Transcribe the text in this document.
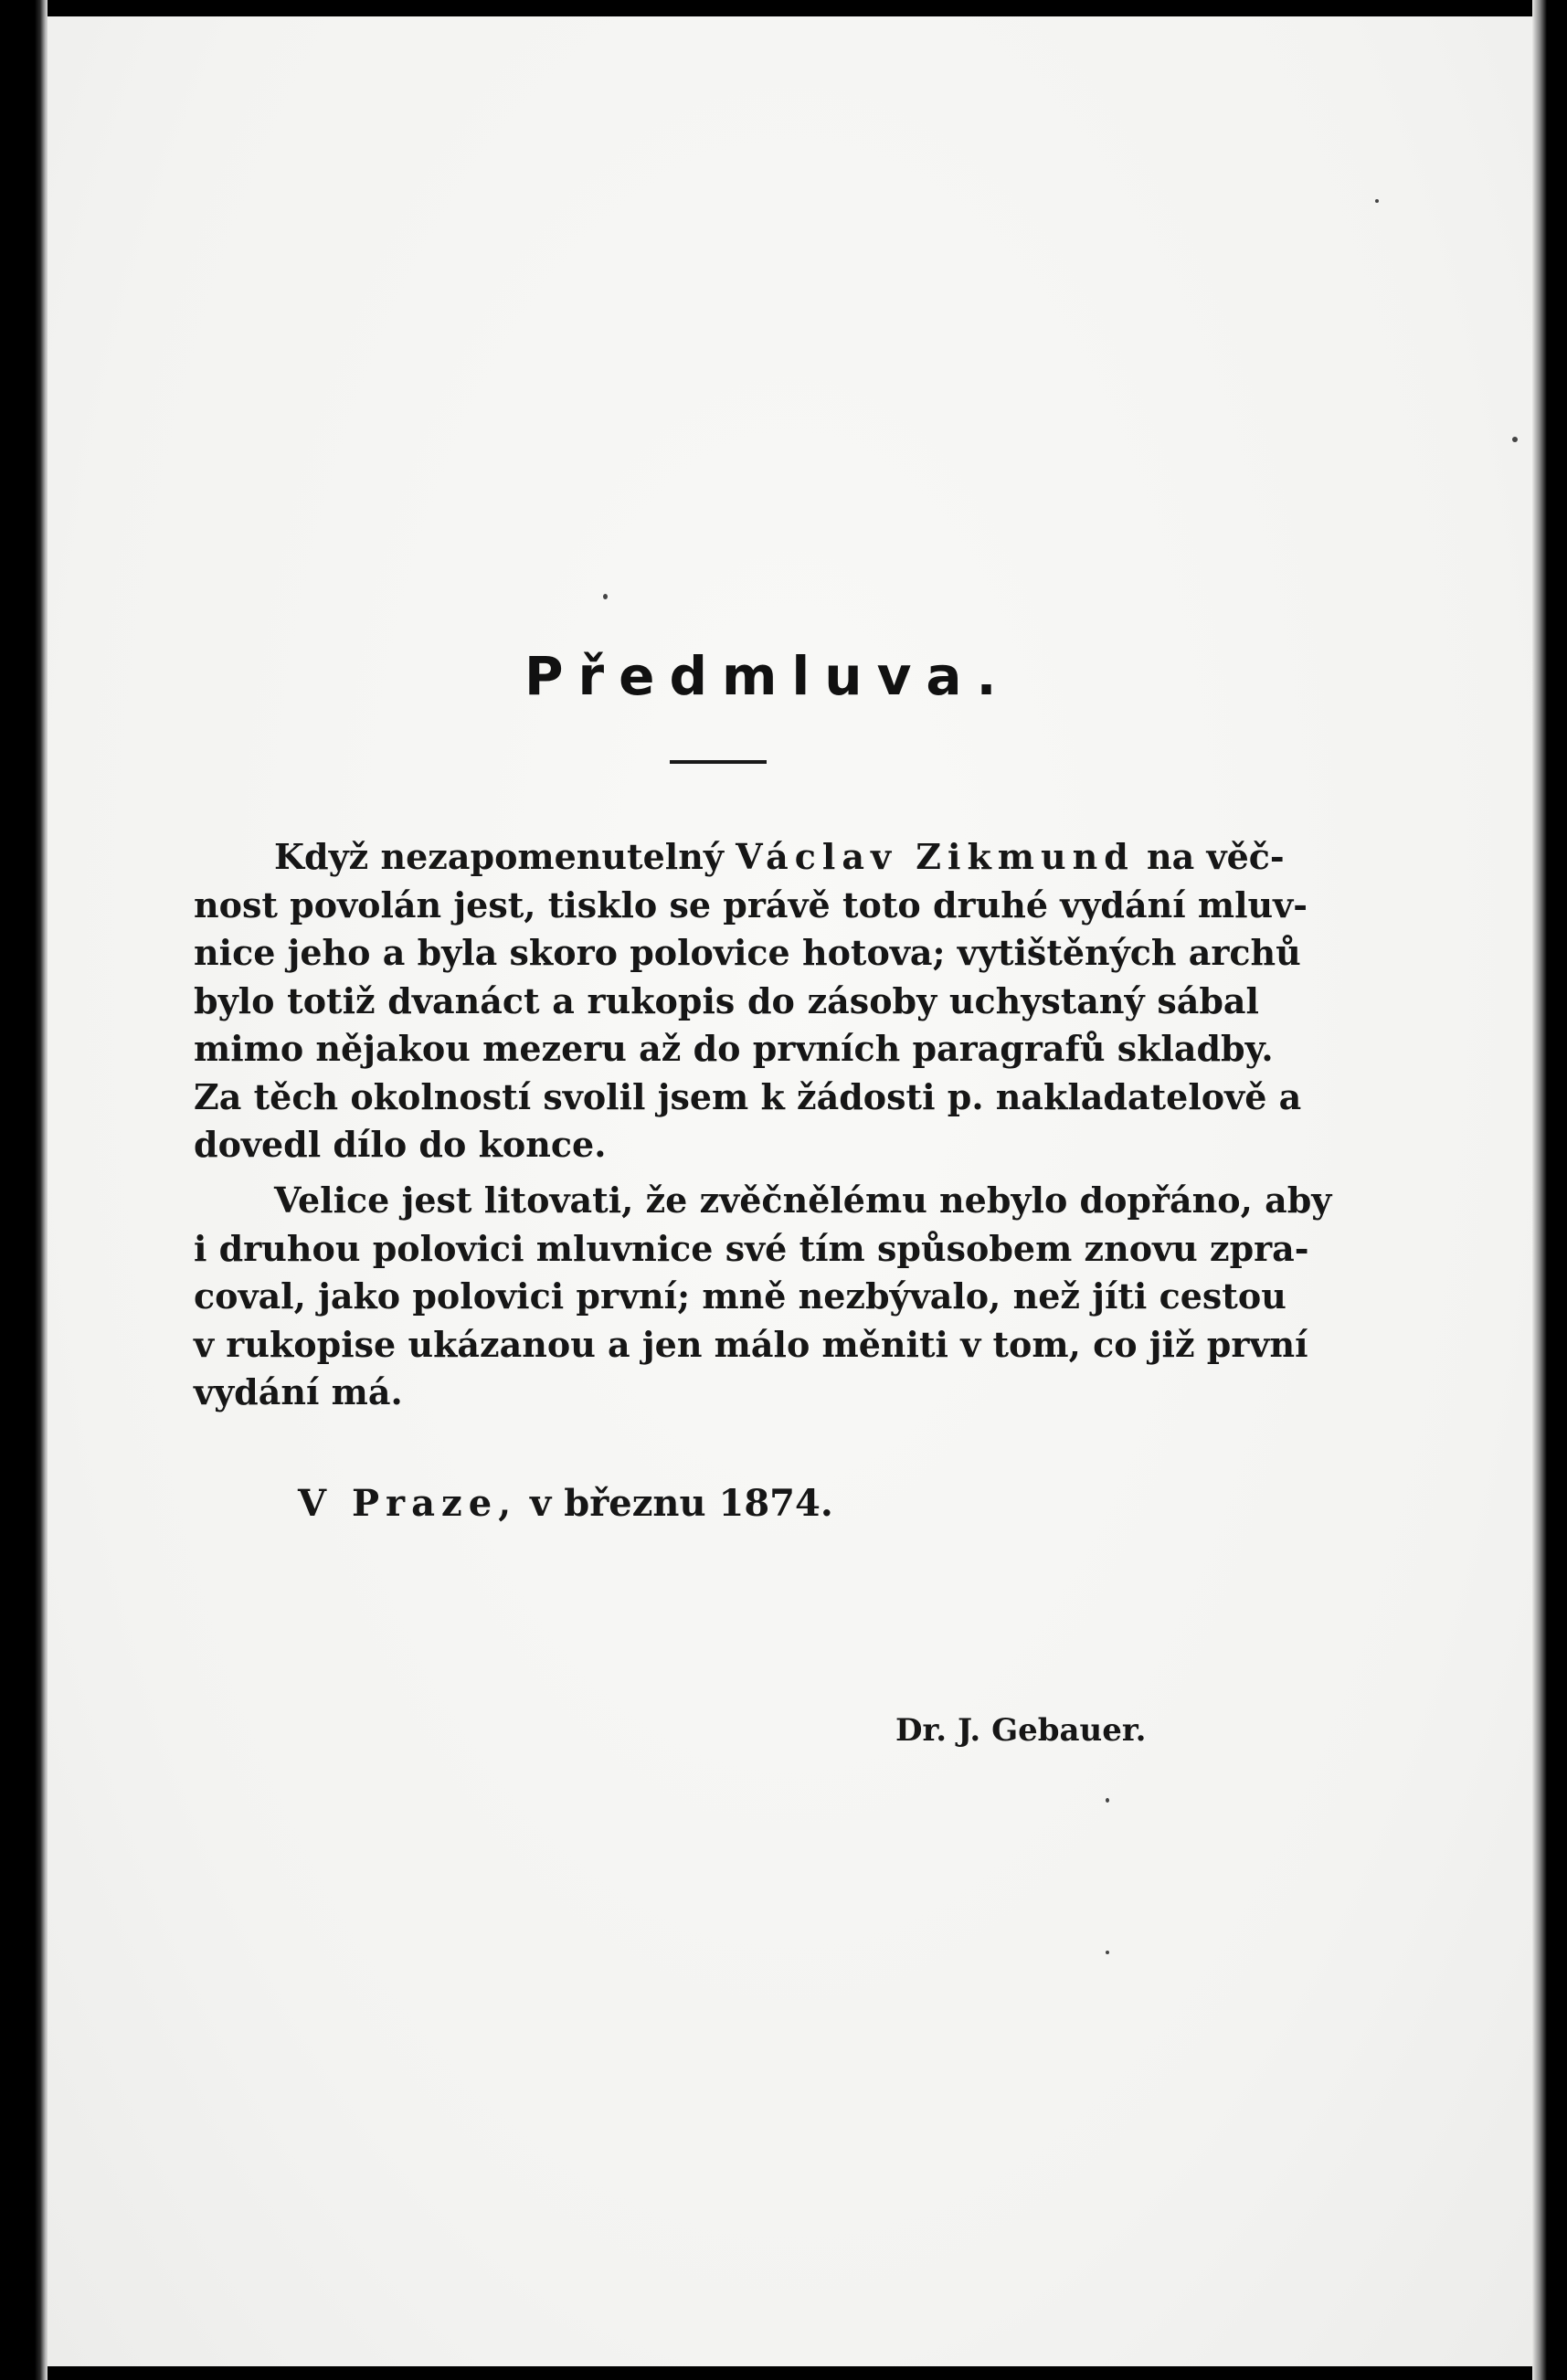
Předmluva.
Když nezapomenutelný Václav Zikmund na věč-
nost povolán jest, tisklo se právě toto druhé vydání mluv-
nice jeho a byla skoro polovice hotova; vytištěných archů
bylo totiž dvanáct a rukopis do zásoby uchystaný sábal
mimo nějakou mezeru až do prvních paragrafů skladby.
Za těch okolností svolil jsem k žádosti p. nakladatelově a
dovedl dílo do konce.
Velice jest litovati, že zvěčnělému nebylo dopřáno, aby
i druhou polovici mluvnice své tím spůsobem znovu zpra-
coval, jako polovici první; mně nezbývalo, než jíti cestou
v rukopise ukázanou a jen málo měniti v tom, co již první
vydání má.
V Praze, v březnu 1874.
Dr. J. Gebauer.
